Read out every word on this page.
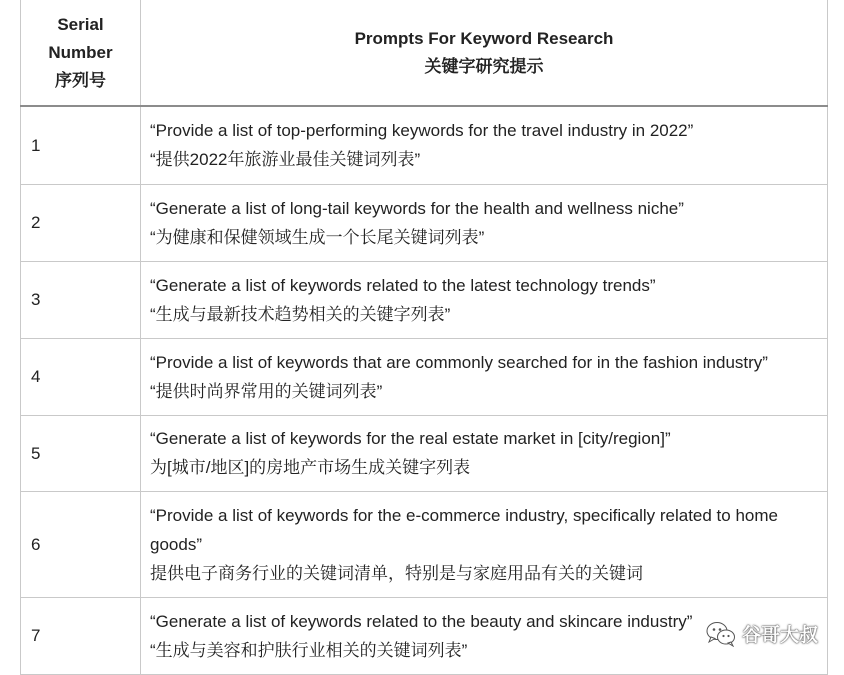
Serial
Number
序列号	Prompts For Keyword Research
关键字研究提示

1	“Provide a list of top-performing keywords for the travel industry in 2022”
“提供2022年旅游业最佳关键词列表”

2	“Generate a list of long-tail keywords for the health and wellness niche”
“为健康和保健领域生成一个长尾关键词列表”

3	“Generate a list of keywords related to the latest technology trends”
“生成与最新技术趋势相关的关键字列表”

4	“Provide a list of keywords that are commonly searched for in the fashion industry”
“提供时尚界常用的关键词列表”

5	“Generate a list of keywords for the real estate market in [city/region]”
为[城市/地区]的房地产市场生成关键字列表

6	“Provide a list of keywords for the e-commerce industry, specifically related to home goods”
提供电子商务行业的关键词清单，特别是与家庭用品有关的关键词

7	“Generate a list of keywords related to the beauty and skincare industry”
“生成与美容和护肤行业相关的关键词列表”
谷哥大叔
